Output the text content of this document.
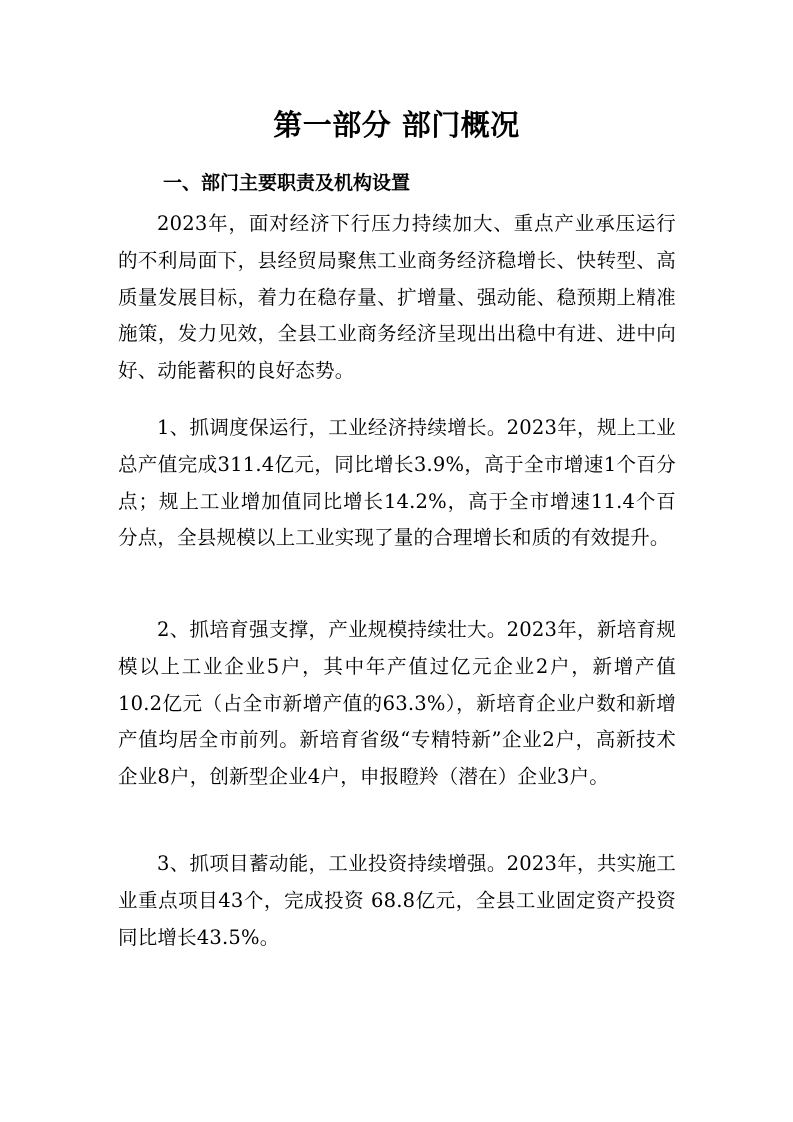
第一部分 部门概况
一、部门主要职责及机构设置

2023年，面对经济下行压力持续加大、重点产业承压运行的不利局面下，县经贸局聚焦工业商务经济稳增长、快转型、高质量发展目标，着力在稳存量、扩增量、强动能、稳预期上精准施策，发力见效，全县工业商务经济呈现出出稳中有进、进中向好、动能蓄积的良好态势。

1、抓调度保运行，工业经济持续增长。2023年，规上工业总产值完成311.4亿元，同比增长3.9%，高于全市增速1个百分点；规上工业增加值同比增长14.2%，高于全市增速11.4个百分点，全县规模以上工业实现了量的合理增长和质的有效提升。

2、抓培育强支撑，产业规模持续壮大。2023年，新培育规模以上工业企业5户，其中年产值过亿元企业2户，新增产值10.2亿元（占全市新增产值的63.3%），新培育企业户数和新增产值均居全市前列。新培育省级“专精特新”企业2户，高新技术企业8户，创新型企业4户，申报瞪羚（潜在）企业3户。

3、抓项目蓄动能，工业投资持续增强。2023年，共实施工业重点项目43个，完成投资 68.8亿元，全县工业固定资产投资同比增长43.5%。
